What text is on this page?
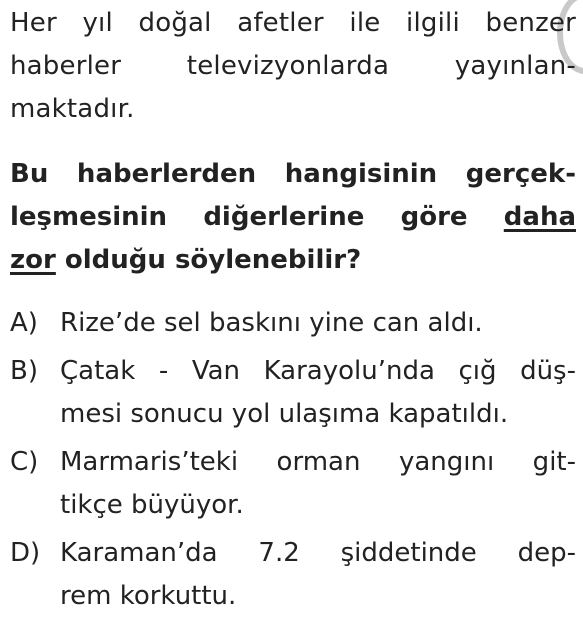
Her yıl doğal afetler ile ilgili benzer
haberler televizyonlarda yayınlan-
maktadır.
Bu haberlerden hangisinin gerçek-
leşmesinin diğerlerine göre daha
zor olduğu söylenebilir?
A) Rize’de sel baskını yine can aldı.
B) Çatak - Van Karayolu’nda çığ düş-
mesi sonucu yol ulaşıma kapatıldı.
C) Marmaris’teki orman yangını git-
tikçe büyüyor.
D) Karaman’da 7.2 şiddetinde dep-
rem korkuttu.
